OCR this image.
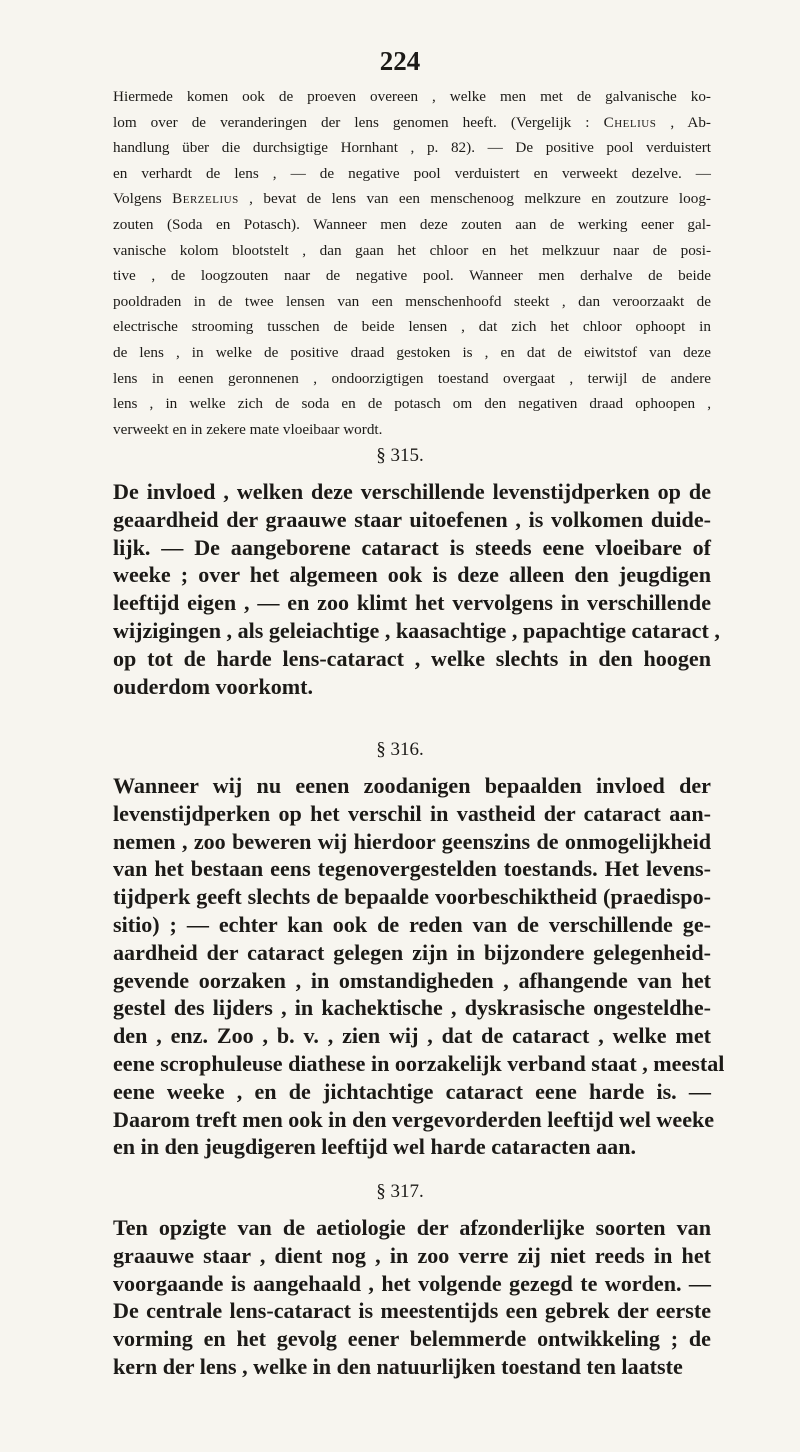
224
Hiermede komen ook de proeven overeen , welke men met de galvanische ko-
lom over de veranderingen der lens genomen heeft. (Vergelijk : Chelius , Ab-
handlung über die durchsigtige Hornhant , p. 82). — De positive pool verduistert
en verhardt de lens , — de negative pool verduistert en verweekt dezelve. —
Volgens Berzelius , bevat de lens van een menschenoog melkzure en zoutzure loog-
zouten (Soda en Potasch). Wanneer men deze zouten aan de werking eener gal-
vanische kolom blootstelt , dan gaan het chloor en het melkzuur naar de posi-
tive , de loogzouten naar de negative pool. Wanneer men derhalve de beide
pooldraden in de twee lensen van een menschenhoofd steekt , dan veroorzaakt de
electrische strooming tusschen de beide lensen , dat zich het chloor ophoopt in
de lens , in welke de positive draad gestoken is , en dat de eiwitstof van deze
lens in eenen geronnenen , ondoorzigtigen toestand overgaat , terwijl de andere
lens , in welke zich de soda en de potasch om den negativen draad ophoopen ,
verweekt en in zekere mate vloeibaar wordt.
§ 315.
De invloed , welken deze verschillende levenstijdperken op de
geaardheid der graauwe staar uitoefenen , is volkomen duide-
lijk. — De aangeborene cataract is steeds eene vloeibare of
weeke ; over het algemeen ook is deze alleen den jeugdigen
leeftijd eigen , — en zoo klimt het vervolgens in verschillende
wijzigingen , als geleiachtige , kaasachtige , papachtige cataract ,
op tot de harde lens-cataract , welke slechts in den hoogen
ouderdom voorkomt.
§ 316.
Wanneer wij nu eenen zoodanigen bepaalden invloed der
levenstijdperken op het verschil in vastheid der cataract aan-
nemen , zoo beweren wij hierdoor geenszins de onmogelijkheid
van het bestaan eens tegenovergestelden toestands. Het levens-
tijdperk geeft slechts de bepaalde voorbeschiktheid (praedispo-
sitio) ; — echter kan ook de reden van de verschillende ge-
aardheid der cataract gelegen zijn in bijzondere gelegenheid-
gevende oorzaken , in omstandigheden , afhangende van het
gestel des lijders , in kachektische , dyskrasische ongesteldhe-
den , enz. Zoo , b. v. , zien wij , dat de cataract , welke met
eene scrophuleuse diathese in oorzakelijk verband staat , meestal
eene weeke , en de jichtachtige cataract eene harde is. —
Daarom treft men ook in den vergevorderden leeftijd wel weeke
en in den jeugdigeren leeftijd wel harde cataracten aan.
§ 317.
Ten opzigte van de aetiologie der afzonderlijke soorten van
graauwe staar , dient nog , in zoo verre zij niet reeds in het
voorgaande is aangehaald , het volgende gezegd te worden. —
De centrale lens-cataract is meestentijds een gebrek der eerste
vorming en het gevolg eener belemmerde ontwikkeling ; de
kern der lens , welke in den natuurlijken toestand ten laatste
